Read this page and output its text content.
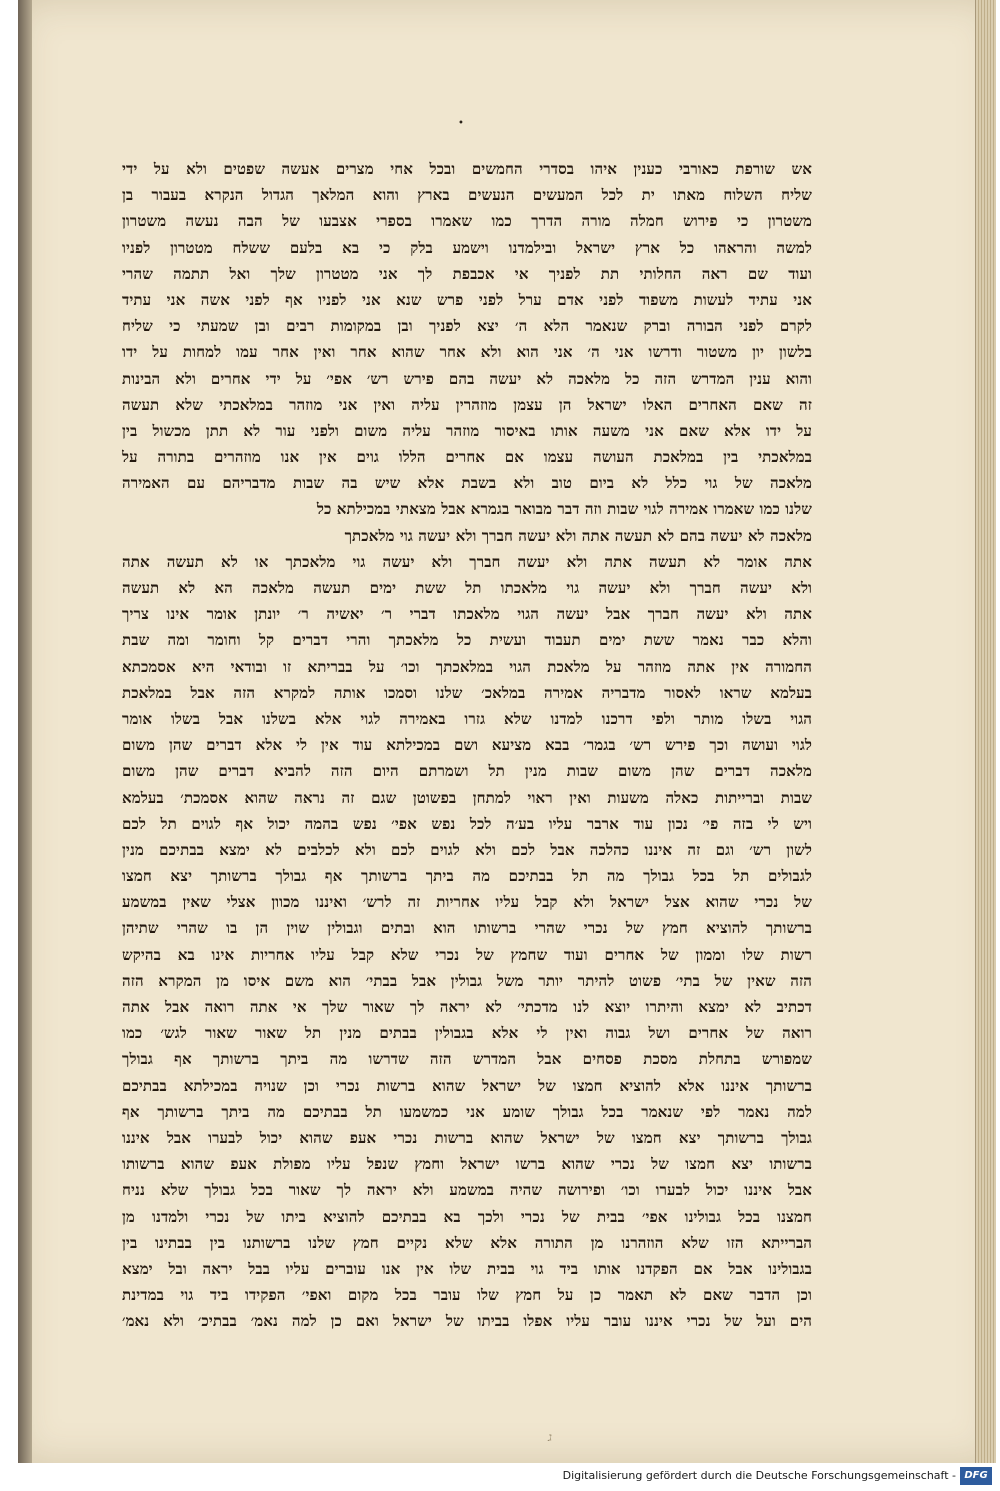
•
אש שורפת כאורבי כענין איהו בסדרי החמשים ובכל אחי מצרים אעשה שפטים ולא על ידי
שליח השלוח מאתו ית לכל המעשים הנעשים בארץ והוא המלאך הגדול הנקרא בעבור בן
משטרון כי פירוש חמלה מורה הדרך כמו שאמרו בספרי אצבעו של הבה נעשה משטרון
למשה והראהו כל ארץ ישראל ובילמדנו וישמע בלק כי בא בלעם ששלח מטטרון לפניו
ועוד שם ראה החלותי תת לפניך אי אכבפת לך אני מטטרון שלך ואל תתמה שהרי
אני עתיד לעשות משפוד לפני אדם ערל לפני פרש שנא אני לפניו אף לפני אשה אני עתיד
לקרם לפני הבורה וברק שנאמר הלא ה׳ יצא לפניך ובן במקומות רבים ובן שמעתי כי שליח
בלשון יון משטור ודרשו אני ה׳ אני הוא ולא אחר שהוא אחר ואין אחר עמו למחות על ידו
והוא ענין המדרש הזה כל מלאכה לא יעשה בהם פירש רש׳ אפי׳ על ידי אחרים ולא הבינות
זה שאם האחרים האלו ישראל הן עצמן מוזהרין עליה ואין אני מוזהר במלאכתי שלא תעשה
על ידו אלא שאם אני משעה אותו באיסור מוזהר עליה משום ולפני עור לא תתן מכשול בין
במלאכתי בין במלאכת העושה עצמו אם אחרים הללו גוים אין אנו מוזהרים בתורה על
מלאכה של גוי כלל לא ביום טוב ולא בשבת אלא שיש בה שבות מדבריהם עם האמירה
שלנו כמו שאמרו אמירה לגוי שבות וזה דבר מבואר בגמרא אבל מצאתי במכילתא כל
מלאכה לא יעשה בהם לא תעשה אתה ולא יעשה חברך ולא יעשה גוי מלאכתך
אתה אומר לא תעשה אתה ולא יעשה חברך ולא יעשה גוי מלאכתך או לא תעשה אתה
ולא יעשה חברך ולא יעשה גוי מלאכתו תל ששת ימים תעשה מלאכה הא לא תעשה
אתה ולא יעשה חברך אבל יעשה הגוי מלאכתו דברי ר׳ יאשיה ר׳ יונתן אומר אינו צריך
והלא כבר נאמר ששת ימים תעבוד ועשית כל מלאכתך והרי דברים קל וחומר ומה שבת
החמורה אין אתה מוזהר על מלאכת הגוי במלאכתך וכו׳ על בבריתא זו ובודאי היא אסמכתא
בעלמא שראו לאסור מדבריה אמירה במלאכ׳ שלנו וסמכו אותה למקרא הזה אבל במלאכת
הגוי בשלו מותר ולפי דרכנו למדנו שלא גזרו באמירה לגוי אלא בשלנו אבל בשלו אומר
לגוי ועושה וכך פירש רש׳ בגמר׳ בבא מציעא ושם במכילתא עוד אין לי אלא דברים שהן משום
מלאכה דברים שהן משום שבות מנין תל ושמרתם היום הזה להביא דברים שהן משום
שבות וברייתות כאלה משעות ואין ראוי למתחן בפשוטן שגם זה נראה שהוא אסמכת׳ בעלמא
ויש לי בזה פי׳ נכון עוד ארבר עליו בע׳ה לכל נפש אפי׳ נפש בהמה יכול אף לגוים תל לכם
לשון רש׳ וגם זה איננו כהלכה אבל לכם ולא לגוים לכם ולא לכלבים לא ימצא בבתיכם מנין
לגבולים תל בכל גבולך מה תל בבתיכם מה ביתך ברשותך אף גבולך ברשותך יצא חמצו
של נכרי שהוא אצל ישראל ולא קבל עליו אחריות זה לרש׳ ואיננו מכוון אצלי שאין במשמע
ברשותך להוציא חמץ של נכרי שהרי ברשותו הוא ובתים וגבולין שוין הן בו שהרי שתיהן
רשות שלו וממון של אחרים ועוד שחמץ של נכרי שלא קבל עליו אחריות אינו בא בהיקש
הזה שאין של בתי׳ פשוט להיתר יותר משל גבולין אבל בבתי׳ הוא משם איסו מן המקרא הזה
דכתיב לא ימצא והיתרו יוצא לנו מדכתי׳ לא יראה לך שאור שלך אי אתה רואה אבל אתה
רואה של אחרים ושל גבוה ואין לי אלא בגבולין בבתים מנין תל שאור שאור לגש׳ כמו
שמפורש בתחלת מסכת פסחים אבל המדרש הזה שדרשו מה ביתך ברשותך אף גבולך
ברשותך איננו אלא להוציא חמצו של ישראל שהוא ברשות נכרי וכן שנויה במכילתא בבתיכם
למה נאמר לפי שנאמר בכל גבולך שומע אני כמשמעו תל בבתיכם מה ביתך ברשותך אף
גבולך ברשותך יצא חמצו של ישראל שהוא ברשות נכרי אעפ שהוא יכול לבערו אבל איננו
ברשותו יצא חמצו של נכרי שהוא ברשו ישראל וחמץ שנפל עליו מפולת אעפ שהוא ברשותו
אבל איננו יכול לבערו וכו׳ ופירושה שהיה במשמע ולא יראה לך שאור בכל גבולך שלא נניח
חמצנו בכל גבולינו אפי׳ בבית של נכרי ולכך בא בבתיכם להוציא ביתו של נכרי ולמדנו מן
הברייתא הזו שלא הוזהרנו מן התורה אלא שלא נקיים חמץ שלנו ברשותנו בין בבתינו בין
בגבולינו אבל אם הפקדנו אותו ביד גוי בבית שלו אין אנו עוברים עליו בבל יראה ובל ימצא
וכן הדבר שאם לא תאמר כן על חמץ שלו עובר בכל מקום ואפי׳ הפקידו ביד גוי במדינת
הים ועל של נכרי איננו עובר עליו אפלו בביתו של ישראל ואם כן למה נאמ׳ בבתיכ׳ ולא נאמ׳
ג
Digitalisierung gefördert durch die Deutsche Forschungsgemeinschaft - DFG
